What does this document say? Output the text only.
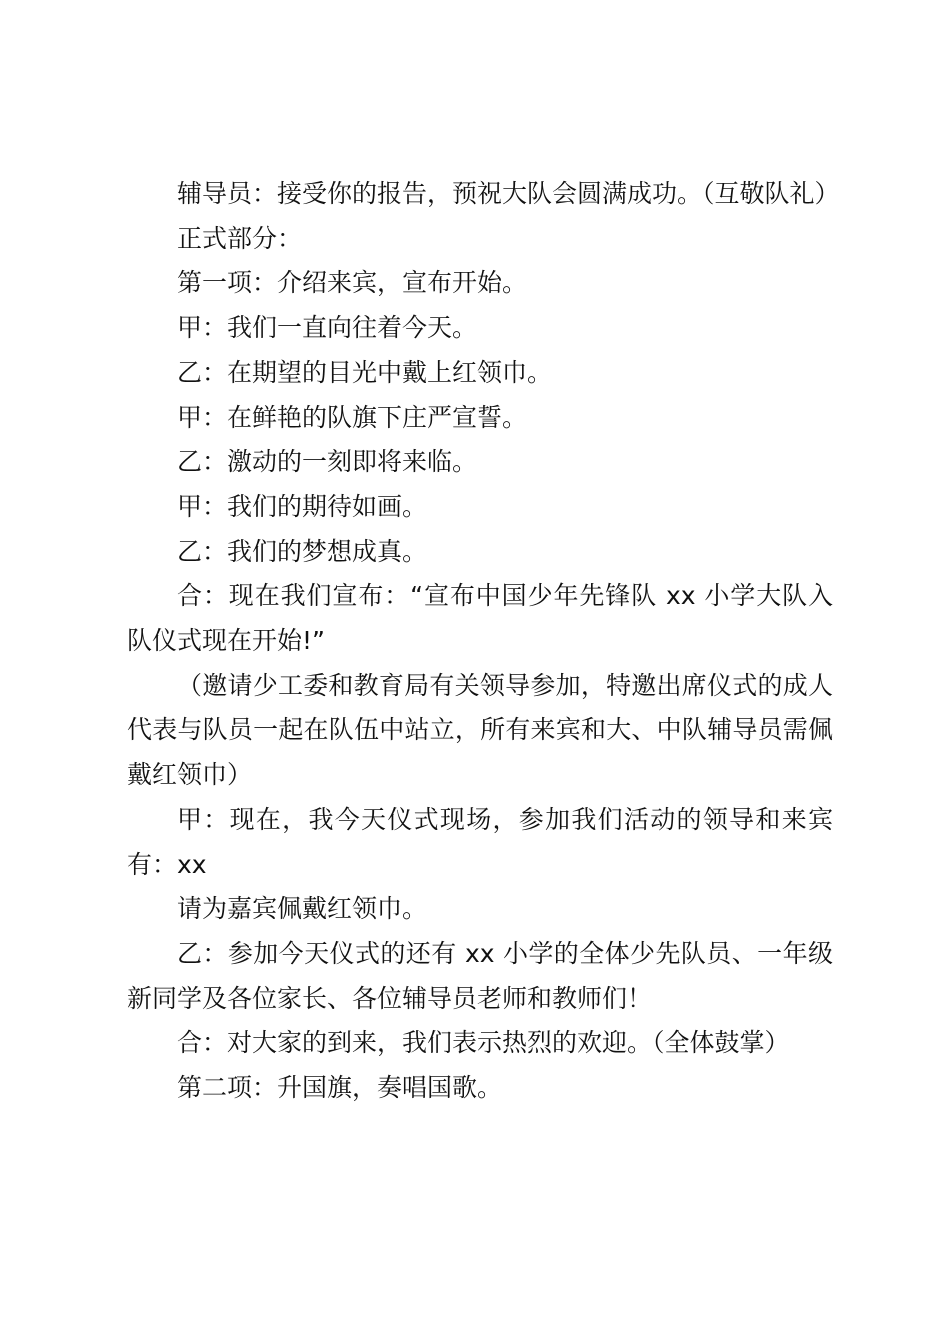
辅导员：接受你的报告，预祝大队会圆满成功。（互敬队礼）

正式部分：

第一项：介绍来宾，宣布开始。

甲：我们一直向往着今天。

乙：在期望的目光中戴上红领巾。

甲：在鲜艳的队旗下庄严宣誓。

乙：激动的一刻即将来临。

甲：我们的期待如画。

乙：我们的梦想成真。

合：现在我们宣布：“宣布中国少年先锋队 xx 小学大队入队仪式现在开始!”

（邀请少工委和教育局有关领导参加，特邀出席仪式的成人代表与队员一起在队伍中站立，所有来宾和大、中队辅导员需佩戴红领巾）

甲：现在，我今天仪式现场，参加我们活动的领导和来宾有：xx

请为嘉宾佩戴红领巾。

乙：参加今天仪式的还有 xx 小学的全体少先队员、一年级新同学及各位家长、各位辅导员老师和教师们！

合：对大家的到来，我们表示热烈的欢迎。（全体鼓掌）

第二项：升国旗，奏唱国歌。
